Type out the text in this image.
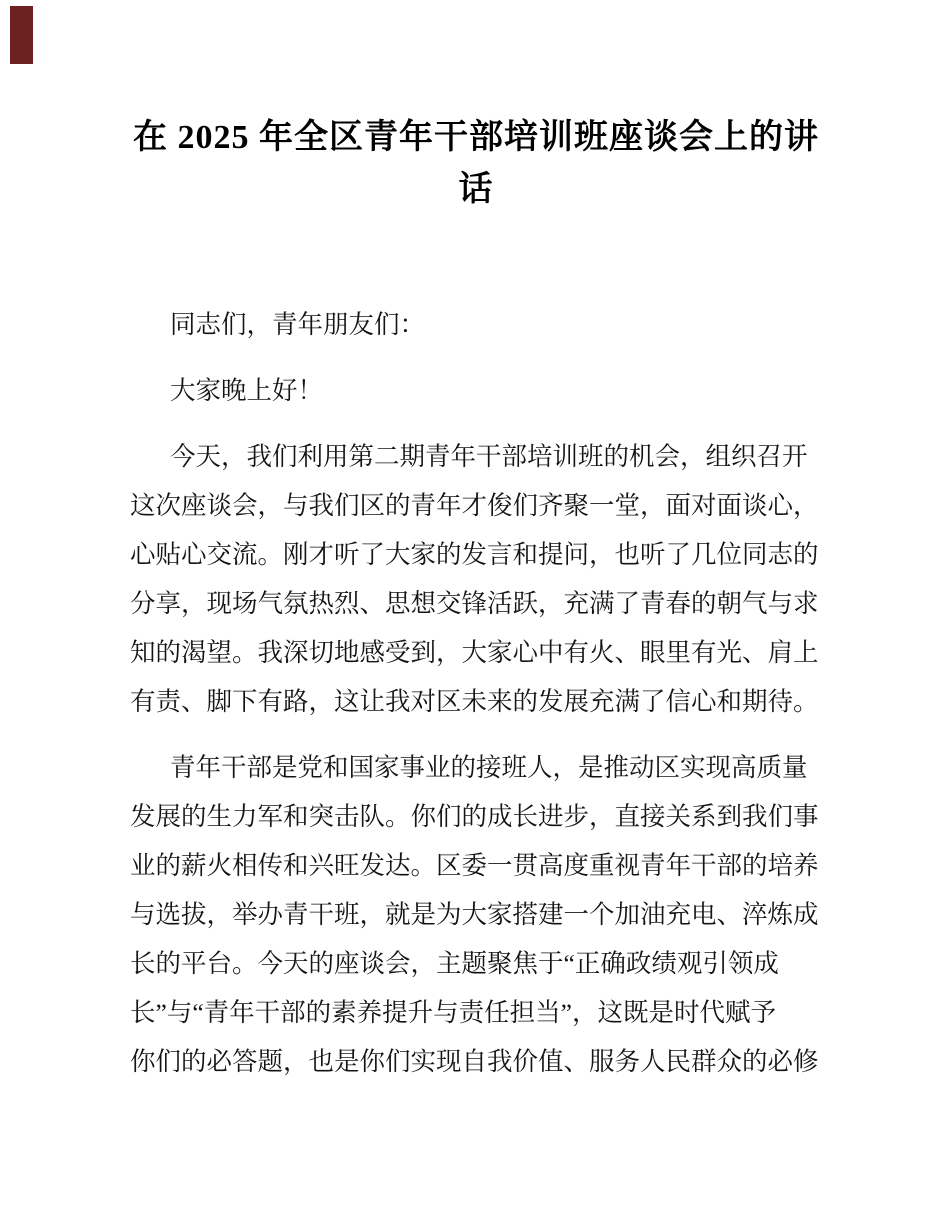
在 2025 年全区青年干部培训班座谈会上的讲
话

同志们，青年朋友们：

大家晚上好！

今天，我们利用第二期青年干部培训班的机会，组织召开
这次座谈会，与我们区的青年才俊们齐聚一堂，面对面谈心，
心贴心交流。刚才听了大家的发言和提问，也听了几位同志的
分享，现场气氛热烈、思想交锋活跃，充满了青春的朝气与求
知的渴望。我深切地感受到，大家心中有火、眼里有光、肩上
有责、脚下有路，这让我对区未来的发展充满了信心和期待。

青年干部是党和国家事业的接班人，是推动区实现高质量
发展的生力军和突击队。你们的成长进步，直接关系到我们事
业的薪火相传和兴旺发达。区委一贯高度重视青年干部的培养
与选拔，举办青干班，就是为大家搭建一个加油充电、淬炼成
长的平台。今天的座谈会，主题聚焦于“正确政绩观引领成
长”与“青年干部的素养提升与责任担当”，这既是时代赋予
你们的必答题，也是你们实现自我价值、服务人民群众的必修
